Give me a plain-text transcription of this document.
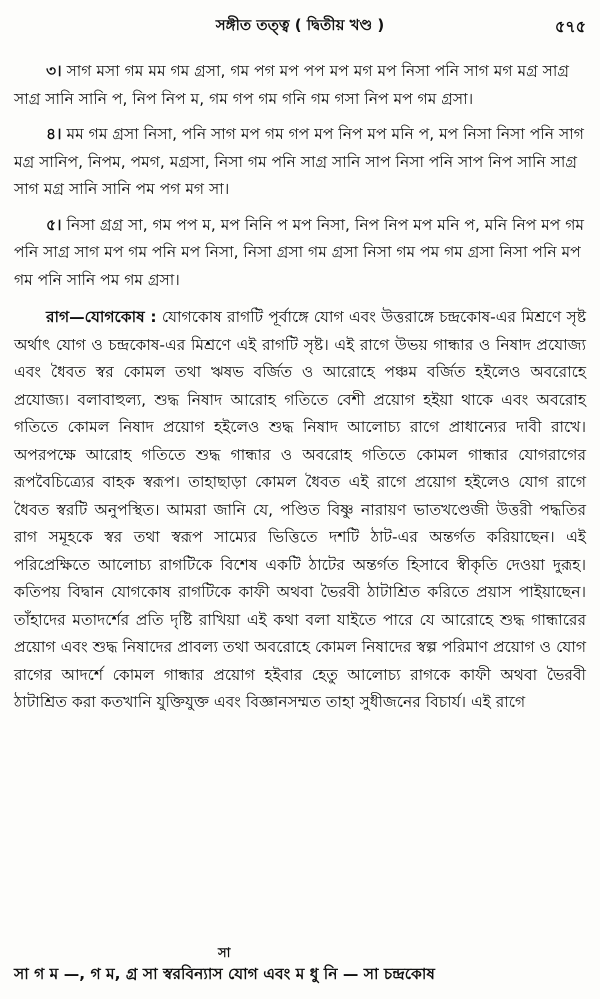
সঙ্গীত তত্ত্ব ( দ্বিতীয় খণ্ড )	৫৭৫

৩। সাগ মসা গম মম গম গ্রসা, গম পগ মপ পপ মপ মগ মপ নিসা পনি সাগ মগ মগ্র সাগ্র সাগ্র সানি সানি প, নিপ নিপ ম, গম গপ গম গনি গম গসা নিপ মপ গম গ্রসা।

৪। মম গম গ্রসা নিসা, পনি সাগ মপ গম গপ মপ নিপ মপ মনি প, মপ নিসা নিসা পনি সাগ মগ্র সানিপ, নিপম, পমগ, মগ্রসা, নিসা গম পনি সাগ্র সানি সাপ নিসা পনি সাপ নিপ সানি সাগ্র সাগ মগ্র সানি সানি পম পগ মগ সা।

৫। নিসা গ্রগ্র সা, গম পপ ম, মপ নিনি প মপ নিসা, নিপ নিপ মপ মনি প, মনি নিপ মপ গম পনি সাগ্র সাগ মপ গম পনি মপ নিসা, নিসা গ্রসা গম গ্রসা নিসা গম পম গম গ্রসা নিসা পনি মপ গম পনি সানি পম গম গ্রসা।

রাগ—যোগকোষ : যোগকোষ রাগটি পূর্বাঙ্গে যোগ এবং উত্তরাঙ্গে চন্দ্রকোষ-এর মিশ্রণে সৃষ্ট অর্থাৎ যোগ ও চন্দ্রকোষ-এর মিশ্রণে এই রাগটি সৃষ্ট। এই রাগে উভয় গান্ধার ও নিষাদ প্রযোজ্য এবং ধৈবত স্বর কোমল তথা ঋষভ বর্জিত ও আরোহে পঞ্চম বর্জিত হইলেও অবরোহে প্রযোজ্য। বলাবাহুল্য, শুদ্ধ নিষাদ আরোহ গতিতে বেশী প্রয়োগ হইয়া থাকে এবং অবরোহ গতিতে কোমল নিষাদ প্রয়োগ হইলেও শুদ্ধ নিষাদ আলোচ্য রাগে প্রাধান্যের দাবী রাখে। অপরপক্ষে আরোহ গতিতে শুদ্ধ গান্ধার ও অবরোহ গতিতে কোমল গান্ধার যোগরাগের রূপবৈচিত্র্যের বাহক স্বরূপ। তাহাছাড়া কোমল ধৈবত এই রাগে প্রয়োগ হইলেও যোগ রাগে ধৈবত স্বরটি অনুপস্থিত। আমরা জানি যে, পণ্ডিত বিষ্ণু নারায়ণ ভাতখণ্ডেজী উত্তরী পদ্ধতির রাগ সমূহকে স্বর তথা স্বরূপ সাম্যের ভিত্তিতে দশটি ঠাট-এর অন্তর্গত করিয়াছেন। এই পরিপ্রেক্ষিতে আলোচ্য রাগটিকে বিশেষ একটি ঠাটের অন্তর্গত হিসাবে স্বীকৃতি দেওয়া দুরূহ। কতিপয় বিদ্বান যোগকোষ রাগটিকে কাফী অথবা ভৈরবী ঠাটাশ্রিত করিতে প্রয়াস পাইয়াছেন। তাঁহাদের মতাদর্শের প্রতি দৃষ্টি রাখিয়া এই কথা বলা যাইতে পারে যে আরোহে শুদ্ধ গান্ধারের প্রয়োগ এবং শুদ্ধ নিষাদের প্রাবল্য তথা অবরোহে কোমল নিষাদের স্বল্প পরিমাণ প্রয়োগ ও যোগ রাগের আদর্শে কোমল গান্ধার প্রয়োগ হইবার হেতু আলোচ্য রাগকে কাফী অথবা ভৈরবী ঠাটাশ্রিত করা কতখানি যুক্তিযুক্ত এবং বিজ্ঞানসম্মত তাহা সুধীজনের বিচার্য। এই রাগে

সা
সা গ ম —, গ ম, গ্র সা স্বরবিন্যাস যোগ এবং ম ধু নি — সা চন্দ্রকোষ
